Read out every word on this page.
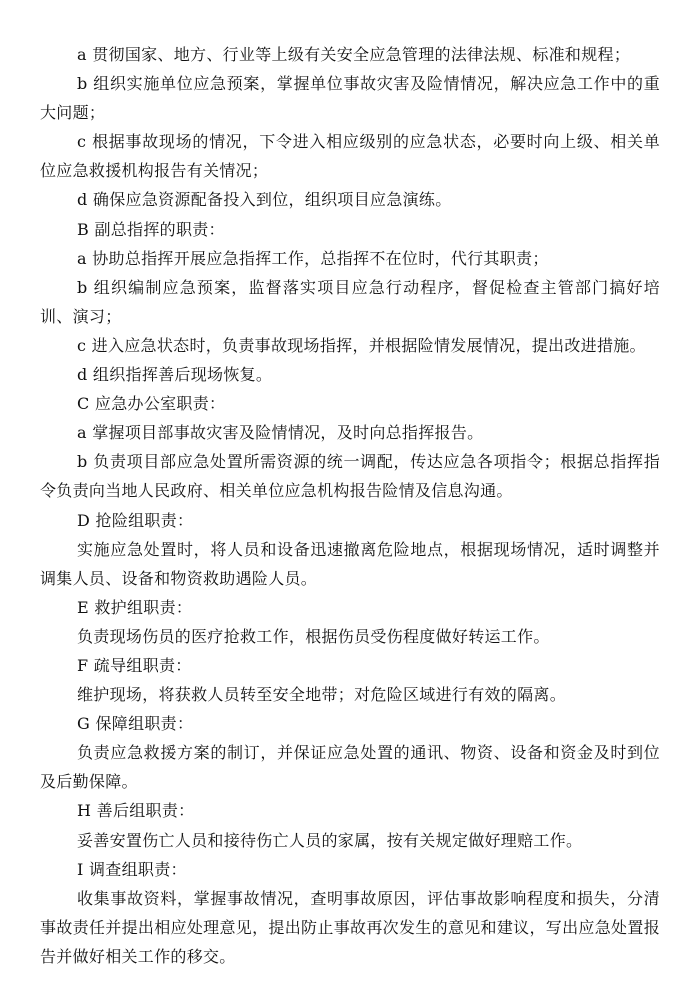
a 贯彻国家、地方、行业等上级有关安全应急管理的法律法规、标准和规程；

b 组织实施单位应急预案，掌握单位事故灾害及险情情况，解决应急工作中的重大问题；

c 根据事故现场的情况，下令进入相应级别的应急状态，必要时向上级、相关单位应急救援机构报告有关情况；

d 确保应急资源配备投入到位，组织项目应急演练。

B 副总指挥的职责：

a 协助总指挥开展应急指挥工作，总指挥不在位时，代行其职责；

b 组织编制应急预案，监督落实项目应急行动程序，督促检查主管部门搞好培训、演习；

c 进入应急状态时，负责事故现场指挥，并根据险情发展情况，提出改进措施。

d 组织指挥善后现场恢复。

C 应急办公室职责：

a 掌握项目部事故灾害及险情情况，及时向总指挥报告。

b 负责项目部应急处置所需资源的统一调配，传达应急各项指令；根据总指挥指令负责向当地人民政府、相关单位应急机构报告险情及信息沟通。

D 抢险组职责：

实施应急处置时，将人员和设备迅速撤离危险地点，根据现场情况，适时调整并调集人员、设备和物资救助遇险人员。

E 救护组职责：

负责现场伤员的医疗抢救工作，根据伤员受伤程度做好转运工作。

F 疏导组职责：

维护现场，将获救人员转至安全地带；对危险区域进行有效的隔离。

G 保障组职责：

负责应急救援方案的制订，并保证应急处置的通讯、物资、设备和资金及时到位及后勤保障。

H 善后组职责：

妥善安置伤亡人员和接待伤亡人员的家属，按有关规定做好理赔工作。

I 调查组职责：

收集事故资料，掌握事故情况，查明事故原因，评估事故影响程度和损失，分清事故责任并提出相应处理意见，提出防止事故再次发生的意见和建议，写出应急处置报告并做好相关工作的移交。
